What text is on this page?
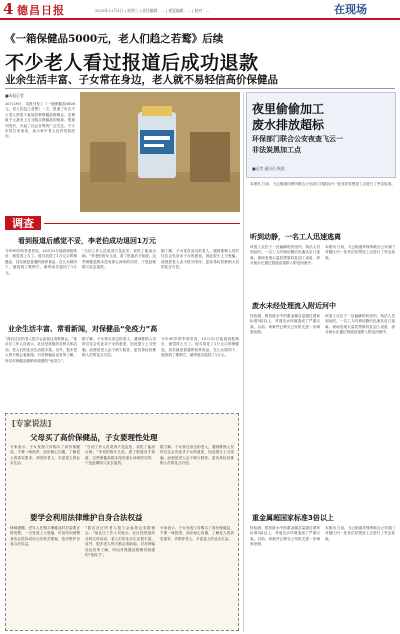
4 德昌日报	2015年11月4日 | 星期三 | 责任编辑：... | 视觉编辑：... | 校对：...	在现场
《一箱保健品5000元，老人们趋之若鹜》后续
不少老人看过报道后成功退款
业余生活丰富、子女常在身边，老人就不易轻信高价保健品
■本报记者
10月19日，本报刊发了《一箱保健品5000元，老人们趋之若鹜》一文，报道了市区不少老人热衷于参加各种保健品推销会，花费数千元甚至上万元购买保健品的现象。报道刊发后，引起了社会各界的广泛关注。不少市民打来电话，表示家中老人也有类似经历。
调查
夜里偷偷加工
废水排放超标
环保部门联合公安夜查飞云一
非法炭黑加工点
■记者 通讯员 秋建
本报讯 日前，飞云街道环保所联合公安部门对辖区内一处非法炭黑加工点进行了突击检查。
看到报道后感觉不妥，李老伯成功退回1万元
今年90岁的李老伯说，10月21日他看到报纸后，就觉得上当了。他当初花了1万元买的保健品，其实就是普通的营养食品。在儿女陪同下，他找到了推销方，最终成功退回了1万元。
“当初工作人员说得天花乱坠，说吃了能治百病。”李老伯的女儿说，看了报道后才知道，这些保健品根本没有那么神奇的功效，于是赶紧陪父亲去退货。
据了解，子女常在身边的老人，遇到推销人员时往往会先征求子女的意见，因此很少上当受骗。而独居老人由于缺少陪伴，更容易轻信推销人员的花言巧语。
业余生活丰富、常看新闻，对保健品“免疫力”高
“我们社区的老人很少会参加这类推销会。”某社区工作人员表示，社区经常组织各种文体活动，老人们的业余生活很丰富。另外，很多老人每天都会看新闻，对各种骗局也有所了解，所以对保健品推销有较强的“免疫力”。
据了解，子女常在身边的老人，遇到推销人员时往往会先征求子女的意见，因此很少上当受骗。而独居老人由于缺少陪伴，更容易轻信推销人员的花言巧语。
今年90岁的李老伯说，10月21日他看到报纸后，就觉得上当了。他当初花了1万元买的保健品，其实就是普通的营养食品。在儿女陪同下，他找到了推销方，最终成功退回了1万元。
[专家说法]
父母买了高价保健品，子女要理性处理
专家表示，子女发现父母购买了高价保健品，不要一味指责，而应耐心沟通，了解老人的真实需求，多陪伴老人，丰富老人的业余生活。
“当初工作人员说得天花乱坠，说吃了能治百病。”李老伯的女儿说，看了报道后才知道，这些保健品根本没有那么神奇的功效，于是赶紧陪父亲去退货。
据了解，子女常在身边的老人，遇到推销人员时往往会先征求子女的意见，因此很少上当受骗。而独居老人由于缺少陪伴，更容易轻信推销人员的花言巧语。
要学会利用法律维护自身合法权益
律师提醒，老年人在购买保健品时应索要正规发票，一旦发现上当受骗，可及时向消费者协会投诉或向公安机关报案，依法维护自身合法权益。
“我们社区的老人很少会参加这类推销会。”某社区工作人员表示，社区经常组织各种文体活动，老人们的业余生活很丰富。另外，很多老人每天都会看新闻，对各种骗局也有所了解，所以对保健品推销有较强的“免疫力”。
专家表示，子女发现父母购买了高价保健品，不要一味指责，而应耐心沟通，了解老人的真实需求，多陪伴老人，丰富老人的业余生活。
听到动静，一名工人迅速逃离
该加工点位于一处偏僻的民房内，执法人员到达时，一名工人听到动静后迅速从后门逃离。现场发现大量炭黑原料及加工设备，部分废水正通过管道直接排入附近河流中。
本报讯 日前，飞云街道环保所联合公安部门对辖区内一处非法炭黑加工点进行了突击检查。
废水未经处理流入附近河中
经检测，排放废水中的重金属含量超过国家标准3倍以上，对周边水环境造成了严重污染。目前，该案件已移交公安机关进一步调查处理。
该加工点位于一处偏僻的民房内，执法人员到达时，一名工人听到动静后迅速从后门逃离。现场发现大量炭黑原料及加工设备，部分废水正通过管道直接排入附近河流中。
重金属超国家标准3倍以上
经检测，排放废水中的重金属含量超过国家标准3倍以上，对周边水环境造成了严重污染。目前，该案件已移交公安机关进一步调查处理。
本报讯 日前，飞云街道环保所联合公安部门对辖区内一处非法炭黑加工点进行了突击检查。
